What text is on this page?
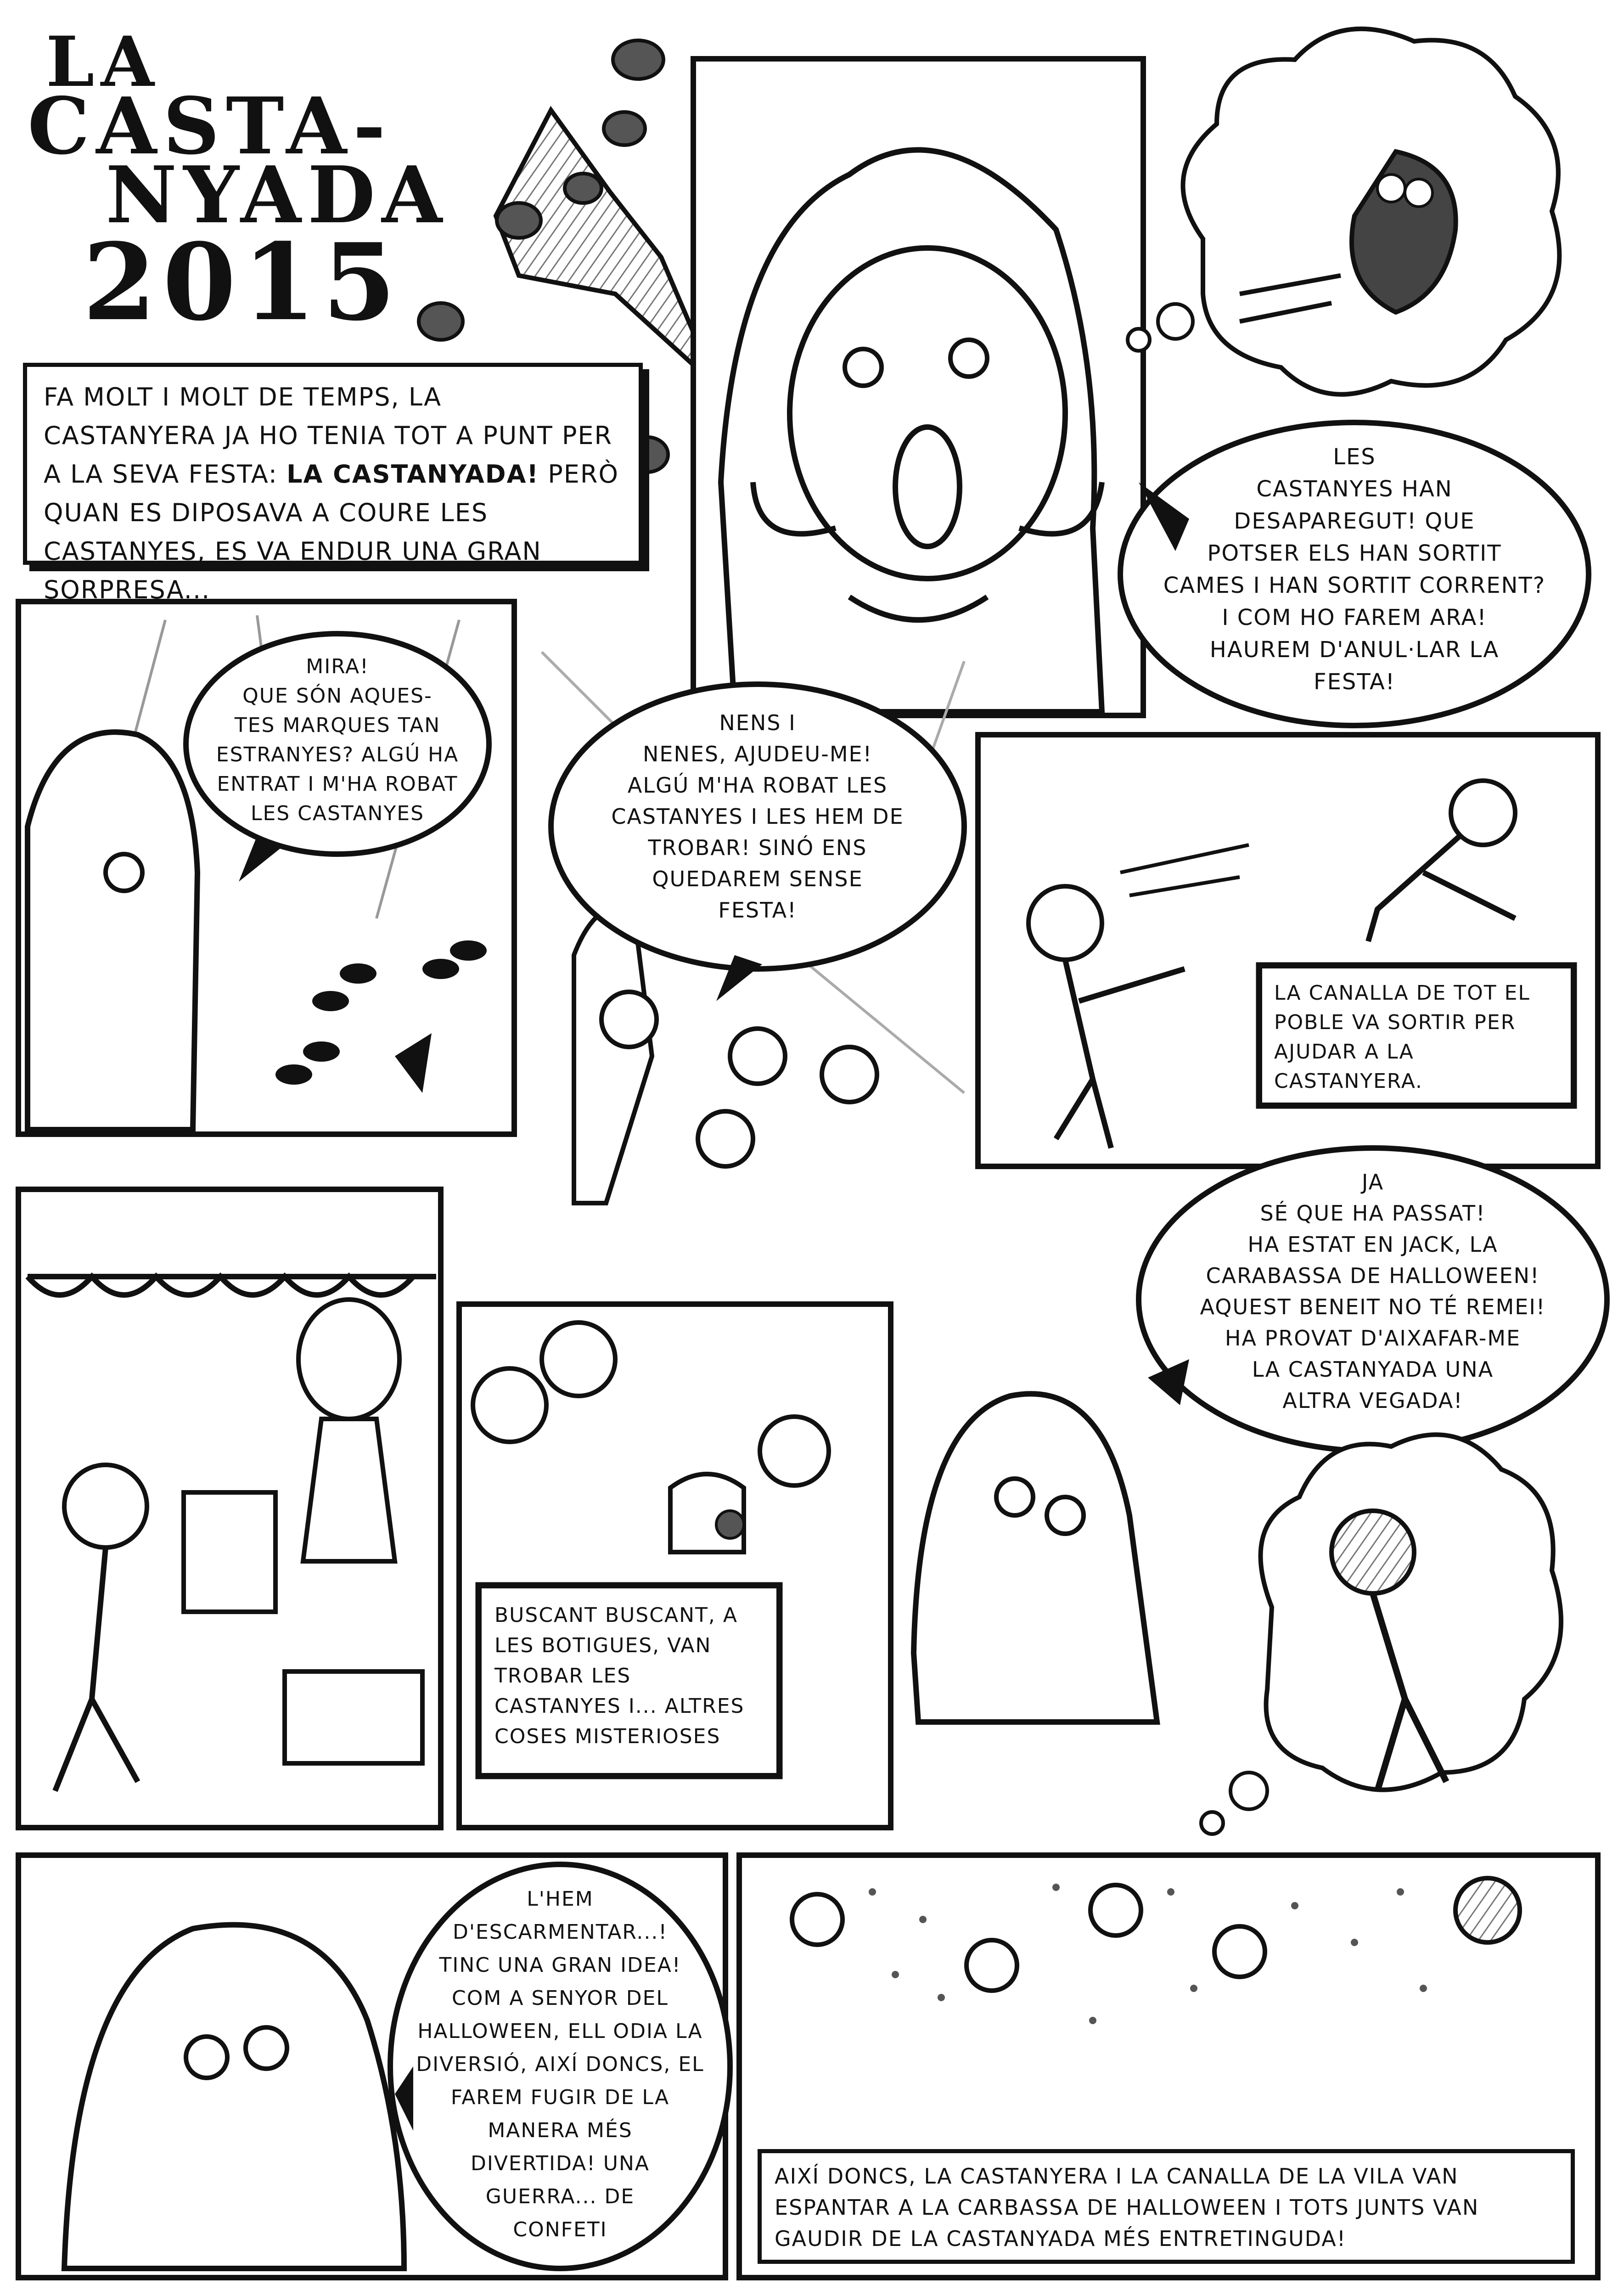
LA
CASTA-
NYADA
2015
FA MOLT I MOLT DE TEMPS, LA CASTANYERA JA HO TENIA TOT A PUNT PER A LA SEVA FESTA: LA CASTANYADA! PERÒ QUAN ES DIPOSAVA A COURE LES CASTANYES, ES VA ENDUR UNA GRAN SORPRESA...
LA CANALLA DE TOT EL POBLE VA SORTIR PER AJUDAR A LA CASTANYERA.
BUSCANT BUSCANT, A LES BOTIGUES, VAN TROBAR LES CASTANYES I... ALTRES COSES MISTERIOSES
AIXÍ DONCS, LA CASTANYERA I LA CANALLA DE LA VILA VAN ESPANTAR A LA CARBASSA DE HALLOWEEN I TOTS JUNTS VAN GAUDIR DE LA CASTANYADA MÉS ENTRETINGUDA!
LES
CASTANYES HAN
DESAPAREGUT! QUE
POTSER ELS HAN SORTIT
CAMES I HAN SORTIT CORRENT?
I COM HO FAREM ARA!
HAUREM D'ANUL·LAR LA
FESTA!
MIRA!
QUE SÓN AQUES-
TES MARQUES TAN
ESTRANYES? ALGÚ HA
ENTRAT I M'HA ROBAT
LES CASTANYES
NENS I
NENES, AJUDEU-ME!
ALGÚ M'HA ROBAT LES
CASTANYES I LES HEM DE
TROBAR! SINÓ ENS
QUEDAREM SENSE
FESTA!
JA
SÉ QUE HA PASSAT!
HA ESTAT EN JACK, LA
CARABASSA DE HALLOWEEN!
AQUEST BENEIT NO TÉ REMEI!
HA PROVAT D'AIXAFAR-ME
LA CASTANYADA UNA
ALTRA VEGADA!
L'HEM
D'ESCARMENTAR...!
TINC UNA GRAN IDEA!
COM A SENYOR DEL
HALLOWEEN, ELL ODIA LA
DIVERSIÓ, AIXÍ DONCS, EL
FAREM FUGIR DE LA
MANERA MÉS
DIVERTIDA! UNA
GUERRA... DE
CONFETI
